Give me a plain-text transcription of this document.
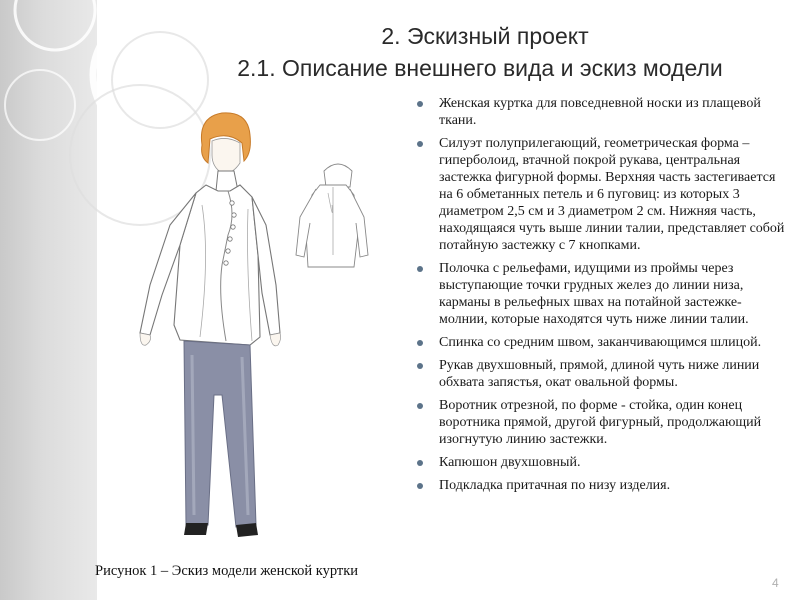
2. Эскизный проект
2.1. Описание внешнего вида и эскиз модели
Женская куртка для повседневной носки из плащевой ткани.
Силуэт полуприлегающий, геометрическая форма – гиперболоид, втачной покрой рукава, центральная застежка фигурной формы. Верхняя часть застегивается на 6 обметанных петель и 6 пуговиц: из которых 3 диаметром 2,5 см и 3 диаметром 2 см. Нижняя часть, находящаяся чуть выше линии талии, представляет собой потайную застежку с 7 кнопками.
Полочка с рельефами, идущими из проймы через выступающие точки грудных желез до линии низа, карманы в рельефных швах на потайной застежке-молнии, которые находятся чуть ниже линии талии.
Спинка со средним швом, заканчивающимся шлицой.
Рукав двухшовный, прямой, длиной чуть ниже линии обхвата запястья, окат овальной формы.
Воротник отрезной, по форме - стойка, один конец воротника прямой, другой фигурный, продолжающий изогнутую линию застежки.
Капюшон двухшовный.
Подкладка притачная по низу изделия.
Рисунок 1 – Эскиз модели женской куртки
4
